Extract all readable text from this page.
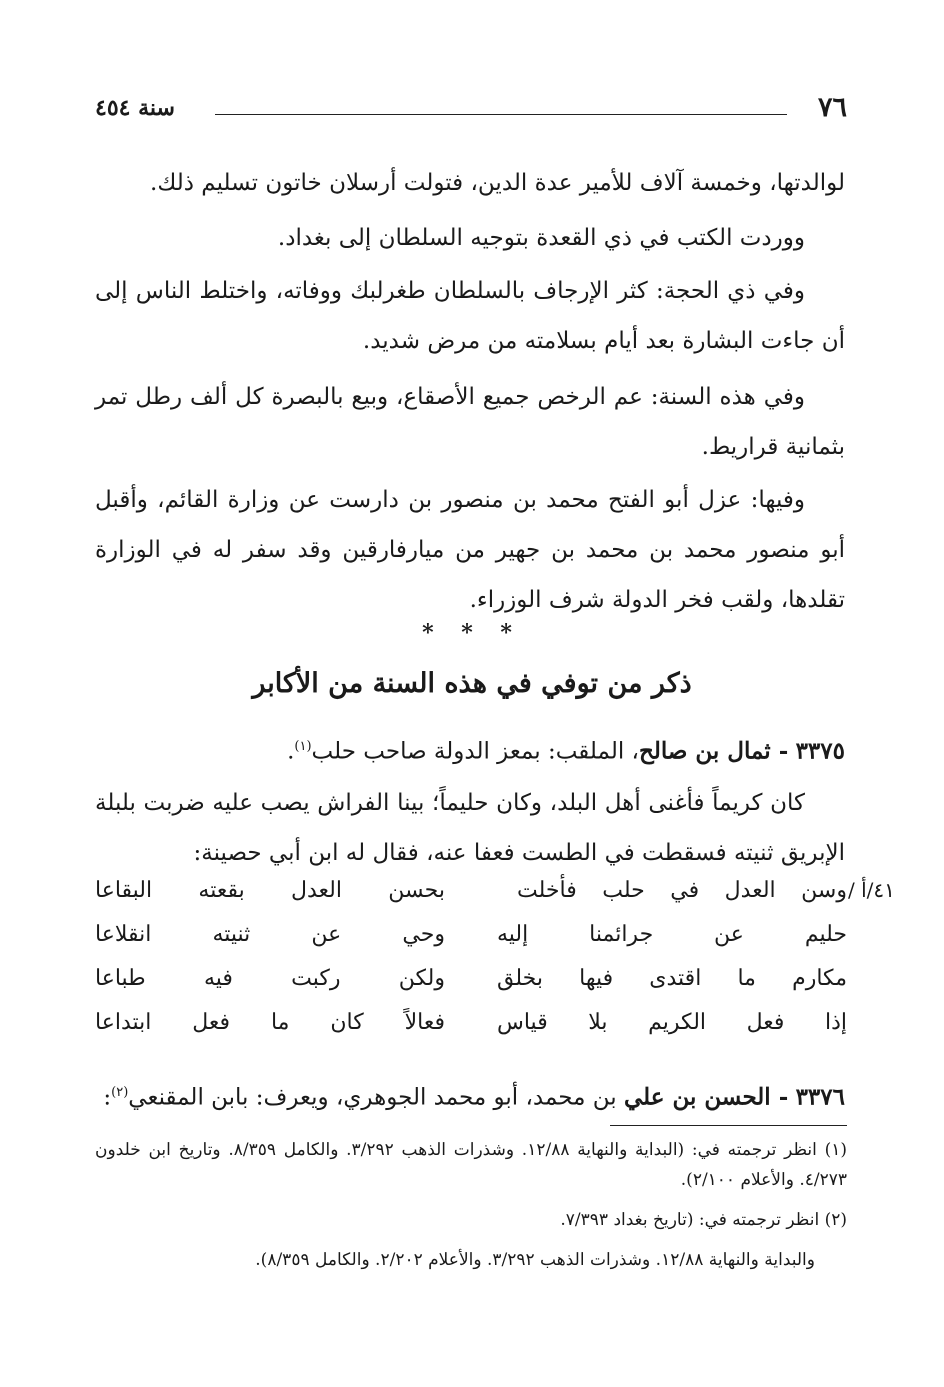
٧٦
سنة ٤٥٤
لوالدتها، وخمسة آلاف للأمير عدة الدين، فتولت أرسلان خاتون تسليم ذلك.
ووردت الكتب في ذي القعدة بتوجيه السلطان إلى بغداد.
وفي ذي الحجة: كثر الإرجاف بالسلطان طغرلبك ووفاته، واختلط الناس إلى أن جاءت البشارة بعد أيام بسلامته من مرض شديد.
وفي هذه السنة: عم الرخص جميع الأصقاع، وبيع بالبصرة كل ألف رطل تمر بثمانية قراريط.
وفيها: عزل أبو الفتح محمد بن منصور بن دارست عن وزارة القائم، وأقبل أبو منصور محمد بن محمد بن جهير من ميارفارقين وقد سفر له في الوزارة تقلدها، ولقب فخر الدولة شرف الوزراء.
* * *
ذكر من توفي في هذه السنة من الأكابر
٣٣٧٥ - ثمال بن صالح، الملقب: بمعز الدولة صاحب حلب$^{(١)}$.
كان كريماً فأغنى أهل البلد، وكان حليماً؛ بينا الفراش يصب عليه ضربت بلبلة الإبريق ثنيته فسقطت في الطست فعفا عنه، فقال له ابن أبي حصينة:
٤١/أ /
وسن العدل في حلب فأخلت
بحسن العدل بقعته البقاعا
حليم عن جرائمنا إليه
وحي عن ثنيته انقلاعا
مكارم ما اقتدى فيها بخلق
ولكن ركبت فيه طباعا
إذا فعل الكريم بلا قياس
فعالاً كان ما فعل ابتداعا
٣٣٧٦ - الحسن بن علي بن محمد، أبو محمد الجوهري، ويعرف: بابن المقنعي$^{(٢)}$:
(١) انظر ترجمته في: (البداية والنهاية ١٢/٨٨. وشذرات الذهب ٣/٢٩٢. والكامل ٨/٣٥٩. وتاريخ ابن خلدون ٤/٢٧٣. والأعلام ٢/١٠٠).
(٢) انظر ترجمته في: (تاريخ بغداد ٧/٣٩٣.
والبداية والنهاية ١٢/٨٨. وشذرات الذهب ٣/٢٩٢. والأعلام ٢/٢٠٢. والكامل ٨/٣٥٩).
